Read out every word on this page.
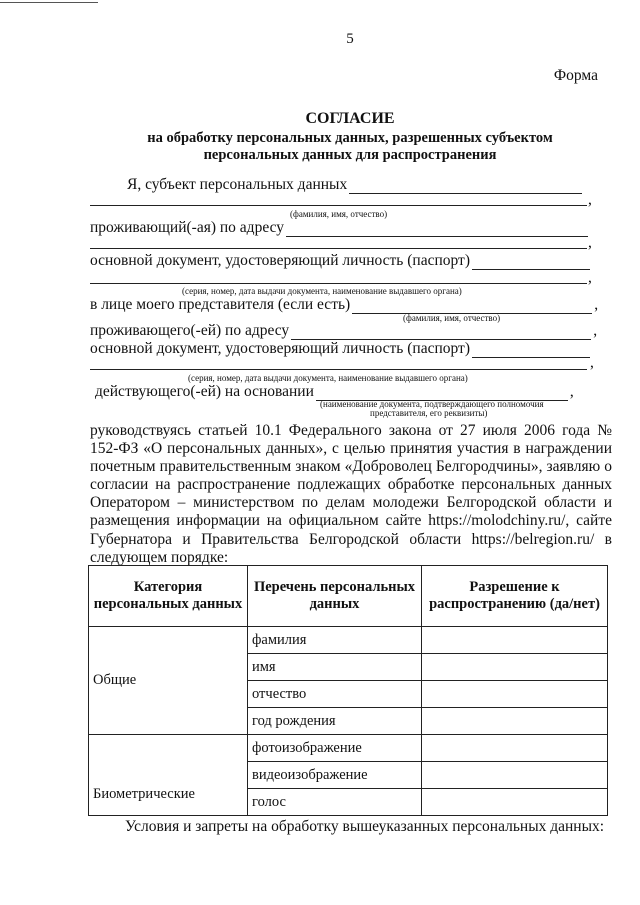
5
Форма
СОГЛАСИЕ
на обработку персональных данных, разрешенных субъектом
персональных данных для распространения
Я, субъект персональных данных
,
(фамилия, имя, отчество)
проживающий(-ая) по адресу
,
основной документ, удостоверяющий личность (паспорт)
,
(серия, номер, дата выдачи документа, наименование выдавшего органа)
в лице моего представителя (если есть)	,
(фамилия, имя, отчество)
проживающего(-ей) по адресу	,
основной документ, удостоверяющий личность (паспорт)
,
(серия, номер, дата выдачи документа, наименование выдавшего органа)
действующего(-ей) на основании	,
(наименование документа, подтверждающего полномочия
представителя, его реквизиты)
руководствуясь статьей 10.1 Федерального закона от 27 июля 2006 года № 152-ФЗ «О персональных данных», с целью принятия участия в награждении почетным правительственным знаком «Доброволец Белгородчины», заявляю о согласии на распространение подлежащих обработке персональных данных Оператором – министерством по делам молодежи Белгородской области и размещения информации на официальном сайте https://molodchiny.ru/, сайте Губернатора и Правительства Белгородской области https://belregion.ru/ в следующем порядке:
Категория персональных данных	Перечень персональных данных	Разрешение к распространению (да/нет)
Общие	фамилия	
	имя	
	отчество	
	год рождения	
Биометрические	фотоизображение	
	видеоизображение	
	голос	
Условия и запреты на обработку вышеуказанных персональных данных:
